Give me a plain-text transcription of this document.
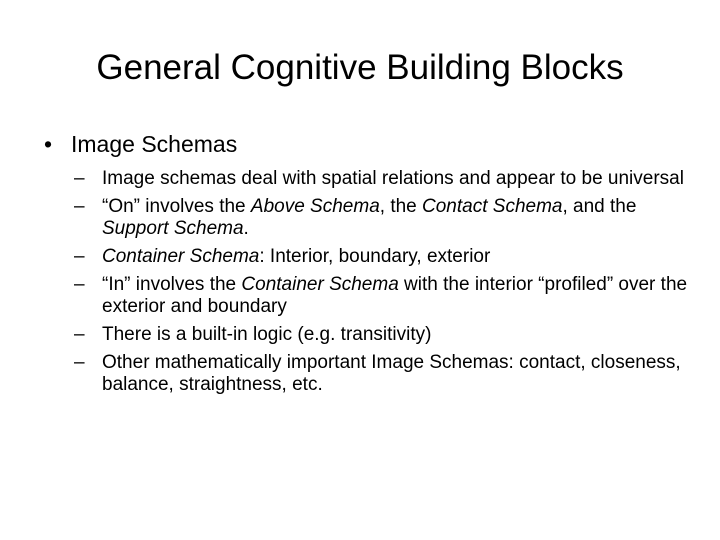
General Cognitive Building Blocks
• Image Schemas
– Image schemas deal with spatial relations and appear to be universal
– “On” involves the Above Schema, the Contact Schema, and the Support Schema.
– Container Schema: Interior, boundary, exterior
– “In” involves the Container Schema with the interior “profiled” over the exterior and boundary
– There is a built-in logic (e.g. transitivity)
– Other mathematically important Image Schemas: contact, closeness, balance, straightness, etc.
